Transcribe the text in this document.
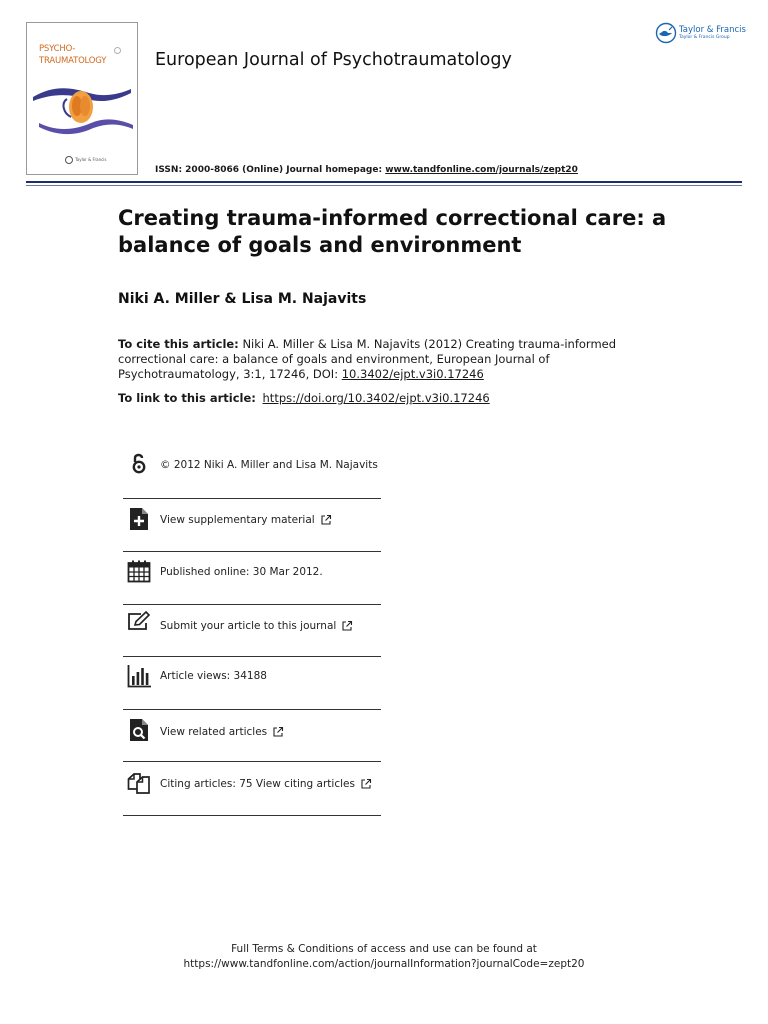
· · · · · · · ·
PSYCHO-
TRAUMATOLOGY
Taylor & Francis
European Journal of Psychotraumatology
Taylor & Francis
Taylor & Francis Group
ISSN: 2000-8066 (Online) Journal homepage: www.tandfonline.com/journals/zept20
Creating trauma-informed correctional care: a balance of goals and environment
Niki A. Miller & Lisa M. Najavits
To cite this article: Niki A. Miller & Lisa M. Najavits (2012) Creating trauma-informed correctional care: a balance of goals and environment, European Journal of Psychotraumatology, 3:1, 17246, DOI: 10.3402/ejpt.v3i0.17246
To link to this article: https://doi.org/10.3402/ejpt.v3i0.17246
© 2012 Niki A. Miller and Lisa M. Najavits
View supplementary material
Published online: 30 Mar 2012.
Submit your article to this journal
Article views: 34188
View related articles
Citing articles: 75 View citing articles
Full Terms & Conditions of access and use can be found at
https://www.tandfonline.com/action/journalInformation?journalCode=zept20
